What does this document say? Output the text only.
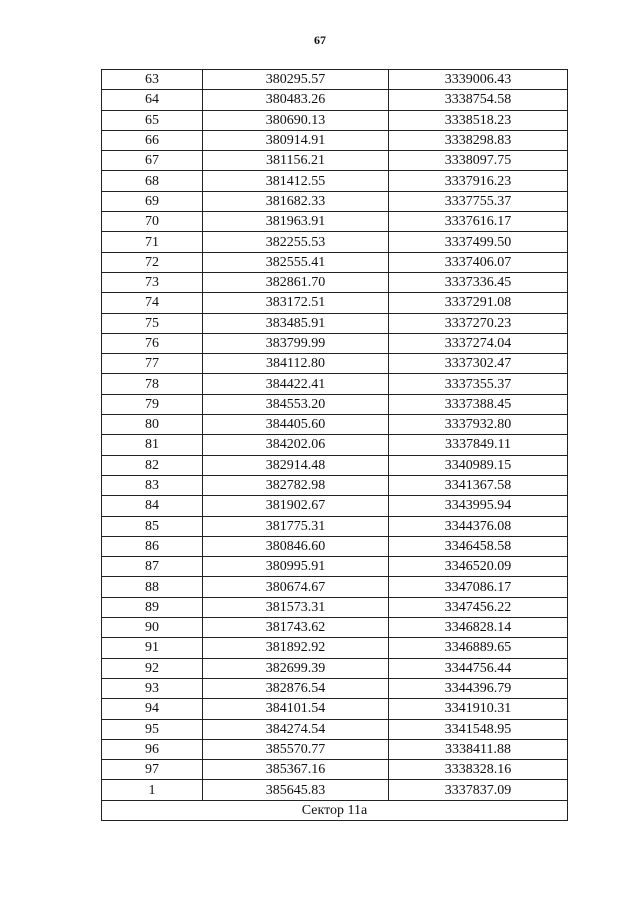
67
63	380295.57	3339006.43
64	380483.26	3338754.58
65	380690.13	3338518.23
66	380914.91	3338298.83
67	381156.21	3338097.75
68	381412.55	3337916.23
69	381682.33	3337755.37
70	381963.91	3337616.17
71	382255.53	3337499.50
72	382555.41	3337406.07
73	382861.70	3337336.45
74	383172.51	3337291.08
75	383485.91	3337270.23
76	383799.99	3337274.04
77	384112.80	3337302.47
78	384422.41	3337355.37
79	384553.20	3337388.45
80	384405.60	3337932.80
81	384202.06	3337849.11
82	382914.48	3340989.15
83	382782.98	3341367.58
84	381902.67	3343995.94
85	381775.31	3344376.08
86	380846.60	3346458.58
87	380995.91	3346520.09
88	380674.67	3347086.17
89	381573.31	3347456.22
90	381743.62	3346828.14
91	381892.92	3346889.65
92	382699.39	3344756.44
93	382876.54	3344396.79
94	384101.54	3341910.31
95	384274.54	3341548.95
96	385570.77	3338411.88
97	385367.16	3338328.16
1	385645.83	3337837.09
Сектор 11а		
